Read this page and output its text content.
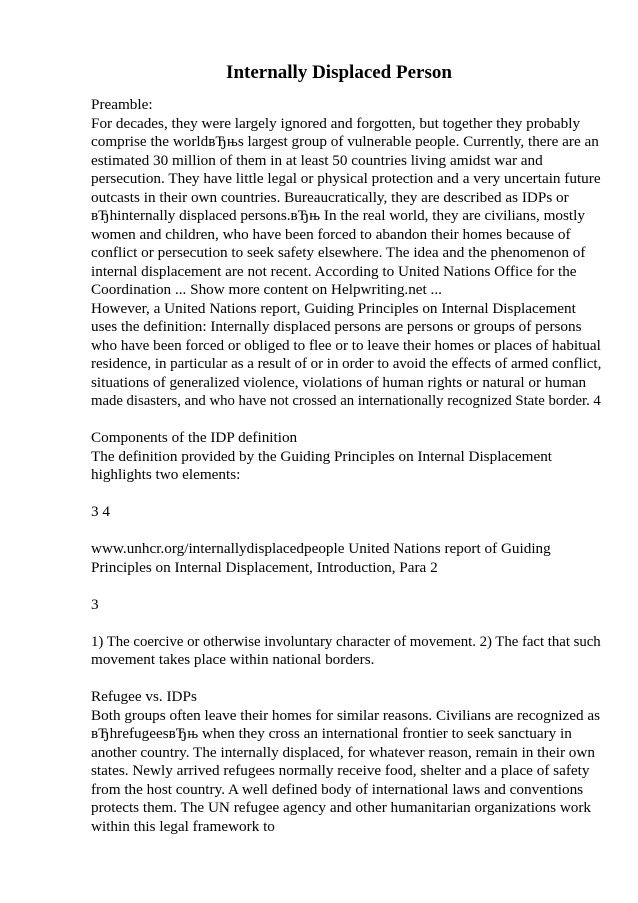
Internally Displaced Person
Preamble:
For decades, they were largely ignored and forgotten, but together they probably
comprise the worldвЂњs largest group of vulnerable people. Currently, there are an
estimated 30 million of them in at least 50 countries living amidst war and
persecution. They have little legal or physical protection and a very uncertain future
outcasts in their own countries. Bureaucratically, they are described as IDPs or
вЂhinternally displaced persons.вЂњ In the real world, they are civilians, mostly
women and children, who have been forced to abandon their homes because of
conflict or persecution to seek safety elsewhere. The idea and the phenomenon of
internal displacement are not recent. According to United Nations Office for the
Coordination ... Show more content on Helpwriting.net ...
However, a United Nations report, Guiding Principles on Internal Displacement
uses the definition: Internally displaced persons are persons or groups of persons
who have been forced or obliged to flee or to leave their homes or places of habitualresidence, in particular as a result of or in order to avoid the effects of armed conflict,
situations of generalized violence, violations of human rights or natural or human
made disasters, and who have not crossed an internationally recognized State border. 4
Components of the IDP definition
The definition provided by the Guiding Principles on Internal Displacement
highlights two elements:
3 4
www.unhcr.org/internallydisplacedpeople United Nations report of Guiding
Principles on Internal Displacement, Introduction, Para 2
3
1) The coercive or otherwise involuntary character of movement. 2) The fact that such
movement takes place within national borders.
Refugee vs. IDPs
Both groups often leave their homes for similar reasons. Civilians are recognized as
вЂhrefugeesвЂњ when they cross an international frontier to seek sanctuary in
another country. The internally displaced, for whatever reason, remain in their own
states. Newly arrived refugees normally receive food, shelter and a place of safety
from the host country. A well defined body of international laws and conventions
protects them. The UN refugee agency and other humanitarian organizations work
within this legal framework to
